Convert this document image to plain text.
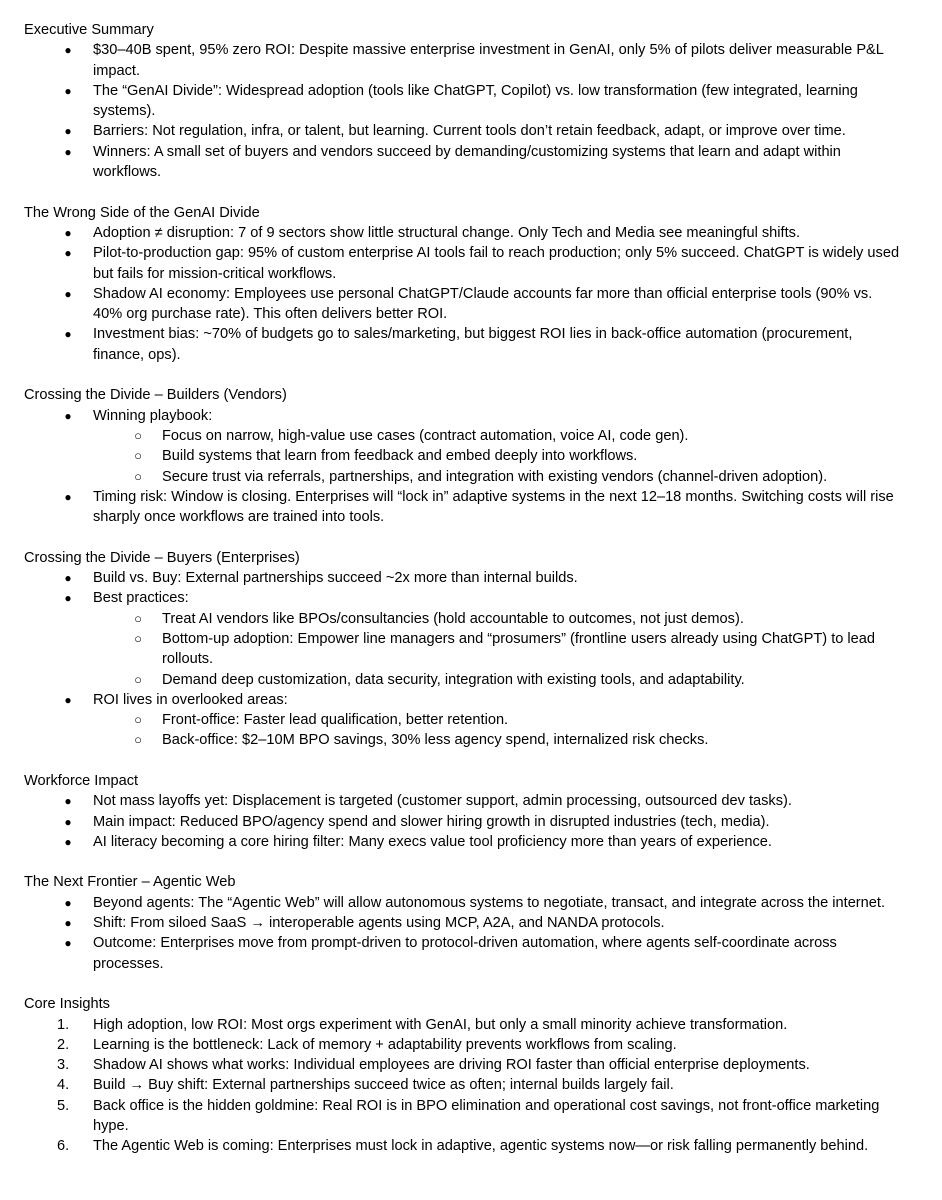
Executive Summary
●	$30–40B spent, 95% zero ROI: Despite massive enterprise investment in GenAI, only 5% of pilots deliver measurable P&L impact.
●	The “GenAI Divide”: Widespread adoption (tools like ChatGPT, Copilot) vs. low transformation (few integrated, learning systems).
●	Barriers: Not regulation, infra, or talent, but learning. Current tools don’t retain feedback, adapt, or improve over time.
●	Winners: A small set of buyers and vendors succeed by demanding/customizing systems that learn and adapt within workflows.
The Wrong Side of the GenAI Divide
●	Adoption ≠ disruption: 7 of 9 sectors show little structural change. Only Tech and Media see meaningful shifts.
●	Pilot-to-production gap: 95% of custom enterprise AI tools fail to reach production; only 5% succeed. ChatGPT is widely used but fails for mission-critical workflows.
●	Shadow AI economy: Employees use personal ChatGPT/Claude accounts far more than official enterprise tools (90% vs. 40% org purchase rate). This often delivers better ROI.
●	Investment bias: ~70% of budgets go to sales/marketing, but biggest ROI lies in back-office automation (procurement, finance, ops).
Crossing the Divide – Builders (Vendors)
●	Winning playbook:
○	Focus on narrow, high-value use cases (contract automation, voice AI, code gen).
○	Build systems that learn from feedback and embed deeply into workflows.
○	Secure trust via referrals, partnerships, and integration with existing vendors (channel-driven adoption).
●	Timing risk: Window is closing. Enterprises will “lock in” adaptive systems in the next 12–18 months. Switching costs will rise sharply once workflows are trained into tools.
Crossing the Divide – Buyers (Enterprises)
●	Build vs. Buy: External partnerships succeed ~2x more than internal builds.
●	Best practices:
○	Treat AI vendors like BPOs/consultancies (hold accountable to outcomes, not just demos).
○	Bottom-up adoption: Empower line managers and “prosumers” (frontline users already using ChatGPT) to lead rollouts.
○	Demand deep customization, data security, integration with existing tools, and adaptability.
●	ROI lives in overlooked areas:
○	Front-office: Faster lead qualification, better retention.
○	Back-office: $2–10M BPO savings, 30% less agency spend, internalized risk checks.
Workforce Impact
●	Not mass layoffs yet: Displacement is targeted (customer support, admin processing, outsourced dev tasks).
●	Main impact: Reduced BPO/agency spend and slower hiring growth in disrupted industries (tech, media).
●	AI literacy becoming a core hiring filter: Many execs value tool proficiency more than years of experience.
The Next Frontier – Agentic Web
●	Beyond agents: The “Agentic Web” will allow autonomous systems to negotiate, transact, and integrate across the internet.
●	Shift: From siloed SaaS → interoperable agents using MCP, A2A, and NANDA protocols.
●	Outcome: Enterprises move from prompt-driven to protocol-driven automation, where agents self-coordinate across processes.
Core Insights
1.	High adoption, low ROI: Most orgs experiment with GenAI, but only a small minority achieve transformation.
2.	Learning is the bottleneck: Lack of memory + adaptability prevents workflows from scaling.
3.	Shadow AI shows what works: Individual employees are driving ROI faster than official enterprise deployments.
4.	Build → Buy shift: External partnerships succeed twice as often; internal builds largely fail.
5.	Back office is the hidden goldmine: Real ROI is in BPO elimination and operational cost savings, not front-office marketing hype.
6.	The Agentic Web is coming: Enterprises must lock in adaptive, agentic systems now—or risk falling permanently behind.
